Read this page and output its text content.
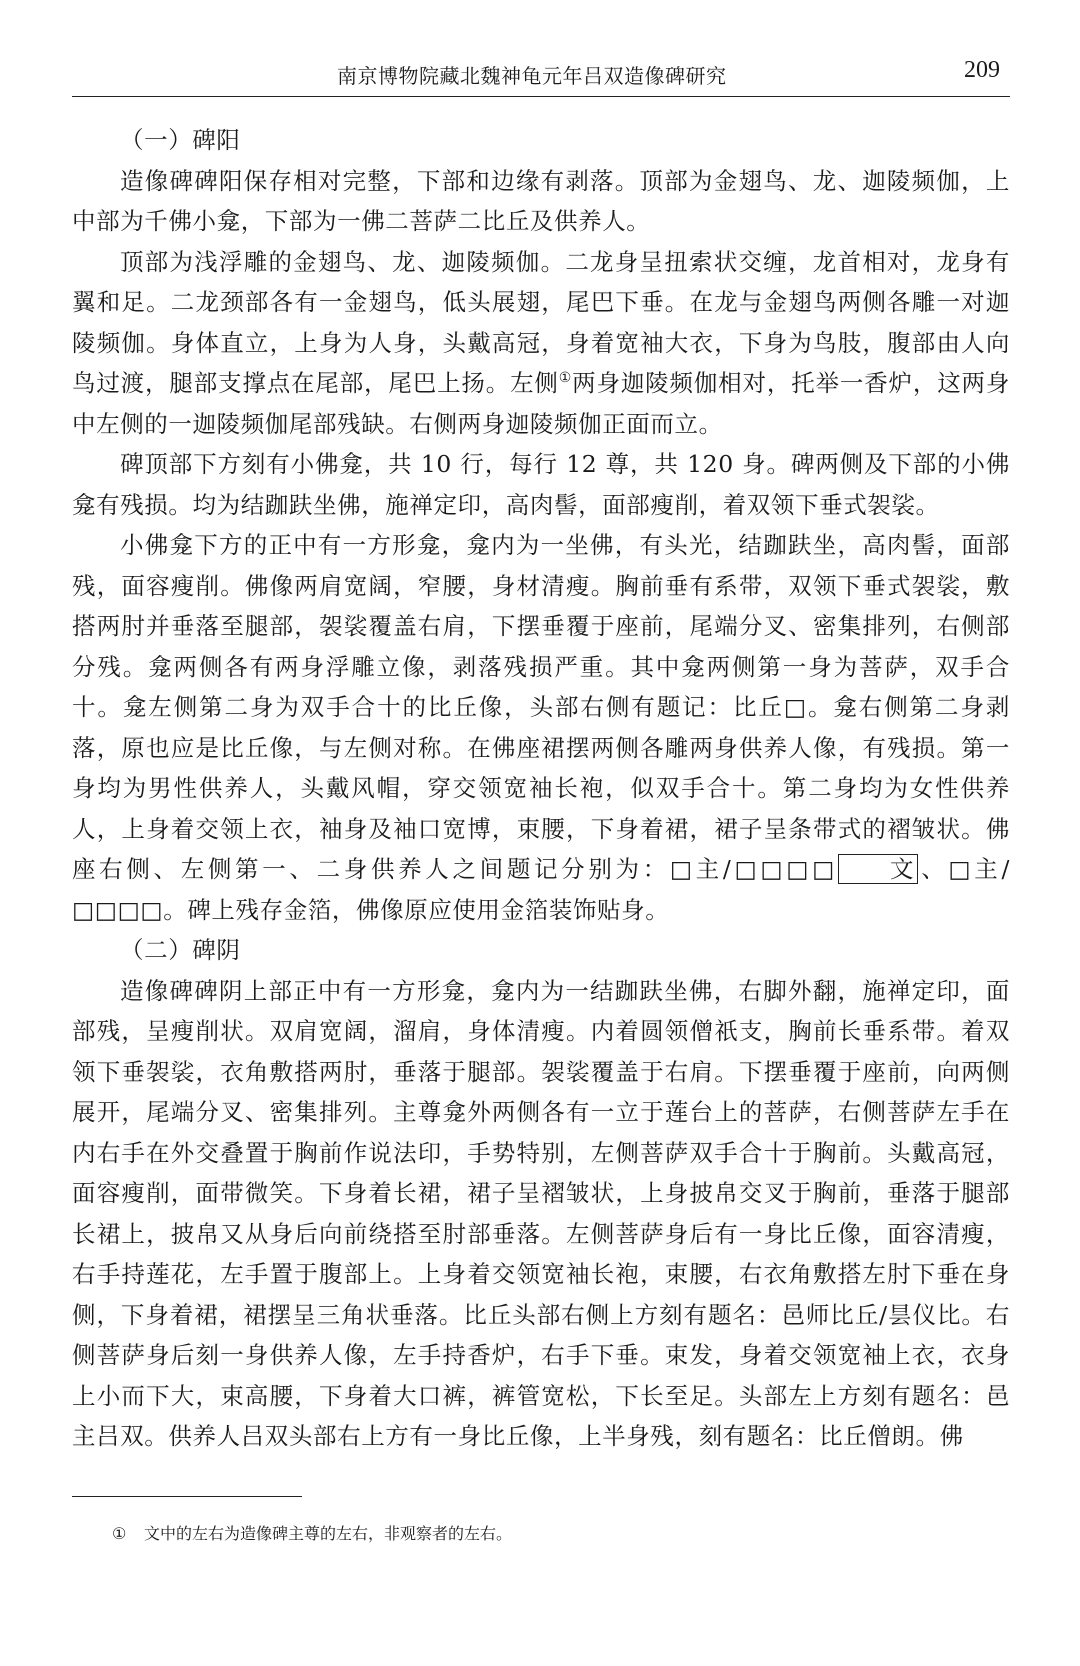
南京博物院藏北魏神龟元年吕双造像碑研究	209

（一）碑阳

造像碑碑阳保存相对完整，下部和边缘有剥落。顶部为金翅鸟、龙、迦陵频伽，上中部为千佛小龛，下部为一佛二菩萨二比丘及供养人。

顶部为浅浮雕的金翅鸟、龙、迦陵频伽。二龙身呈扭索状交缠，龙首相对，龙身有翼和足。二龙颈部各有一金翅鸟，低头展翅，尾巴下垂。在龙与金翅鸟两侧各雕一对迦陵频伽。身体直立，上身为人身，头戴高冠，身着宽袖大衣，下身为鸟肢，腹部由人向鸟过渡，腿部支撑点在尾部，尾巴上扬。左侧①两身迦陵频伽相对，托举一香炉，这两身中左侧的一迦陵频伽尾部残缺。右侧两身迦陵频伽正面而立。

碑顶部下方刻有小佛龛，共 10 行，每行 12 尊，共 120 身。碑两侧及下部的小佛龛有残损。均为结跏趺坐佛，施禅定印，高肉髻，面部瘦削，着双领下垂式袈裟。

小佛龛下方的正中有一方形龛，龛内为一坐佛，有头光，结跏趺坐，高肉髻，面部残，面容瘦削。佛像两肩宽阔，窄腰，身材清瘦。胸前垂有系带，双领下垂式袈裟，敷搭两肘并垂落至腿部，袈裟覆盖右肩，下摆垂覆于座前，尾端分叉、密集排列，右侧部分残。龛两侧各有两身浮雕立像，剥落残损严重。其中龛两侧第一身为菩萨，双手合十。龛左侧第二身为双手合十的比丘像，头部右侧有题记：比丘□。龛右侧第二身剥落，原也应是比丘像，与左侧对称。在佛座裙摆两侧各雕两身供养人像，有残损。第一身均为男性供养人，头戴风帽，穿交领宽袖长袍，似双手合十。第二身均为女性供养人，上身着交领上衣，袖身及袖口宽博，束腰，下身着裙，裙子呈条带式的褶皱状。佛座右侧、左侧第一、二身供养人之间题记分别为：□主/□□□□ 文 、□主/□□□□。碑上残存金箔，佛像原应使用金箔装饰贴身。

（二）碑阴

造像碑碑阴上部正中有一方形龛，龛内为一结跏趺坐佛，右脚外翻，施禅定印，面部残，呈瘦削状。双肩宽阔，溜肩，身体清瘦。内着圆领僧祇支，胸前长垂系带。着双领下垂袈裟，衣角敷搭两肘，垂落于腿部。袈裟覆盖于右肩。下摆垂覆于座前，向两侧展开，尾端分叉、密集排列。主尊龛外两侧各有一立于莲台上的菩萨，右侧菩萨左手在内右手在外交叠置于胸前作说法印，手势特别，左侧菩萨双手合十于胸前。头戴高冠，面容瘦削，面带微笑。下身着长裙，裙子呈褶皱状，上身披帛交叉于胸前，垂落于腿部长裙上，披帛又从身后向前绕搭至肘部垂落。左侧菩萨身后有一身比丘像，面容清瘦，右手持莲花，左手置于腹部上。上身着交领宽袖长袍，束腰，右衣角敷搭左肘下垂在身侧，下身着裙，裙摆呈三角状垂落。比丘头部右侧上方刻有题名：邑师比丘/昙仪比。右侧菩萨身后刻一身供养人像，左手持香炉，右手下垂。束发，身着交领宽袖上衣，衣身上小而下大，束高腰，下身着大口裤，裤管宽松，下长至足。头部左上方刻有题名：邑主吕双。供养人吕双头部右上方有一身比丘像，上半身残，刻有题名：比丘僧朗。佛

① 文中的左右为造像碑主尊的左右，非观察者的左右。
